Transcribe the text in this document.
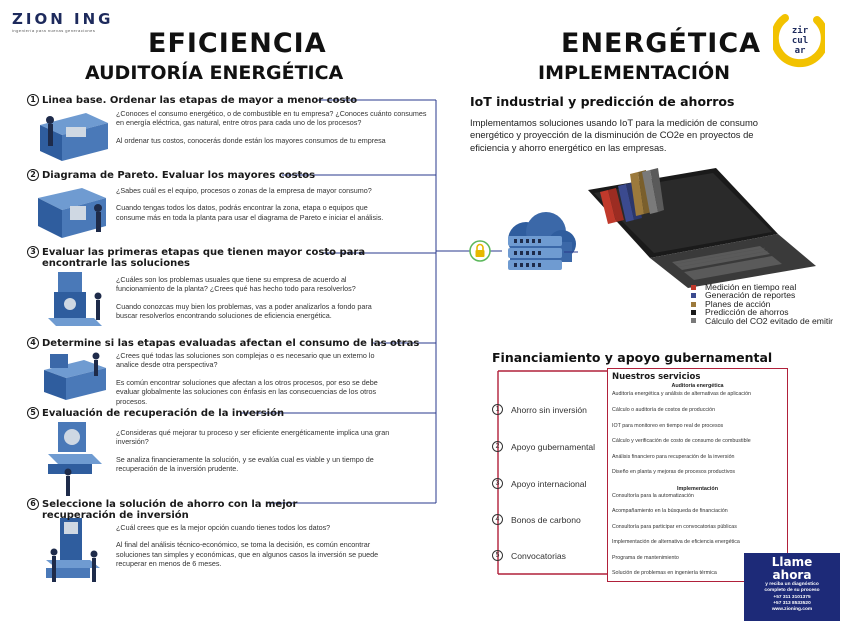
ZION ING
ingeniería para nuevas generaciones	EFICIENCIA
AUDITORÍA ENERGÉTICA
ENERGÉTICA
IMPLEMENTACIÓN
zir
cul
ar
1 Linea base. Ordenar las etapas de mayor a menor costo

¿Conoces el consumo energético, o de combustible en tu empresa? ¿Conoces cuánto consumes en energía eléctrica, gas natural, entre otros para cada uno de los procesos?

Al ordenar tus costos, conocerás donde están los mayores consumos de tu empresa

2 Diagrama de Pareto. Evaluar los mayores costos

¿Sabes cuál es el equipo, procesos o zonas de la empresa de mayor consumo?

Cuando tengas todos los datos, podrás encontrar la zona, etapa o equipos que consume más en toda la planta para usar el diagrama de Pareto e iniciar el análisis.

3 Evaluar las primeras etapas que tienen mayor costo para
encontrarle las soluciones

¿Cuáles son los problemas usuales que tiene su empresa de acuerdo al funcionamiento de la planta? ¿Crees qué has hecho todo para resolverlos?

Cuando conozcas muy bien los problemas, vas a poder analizarlos a fondo para buscar resolverlos encontrando soluciones de eficiencia energética.

4 Determine si las etapas evaluadas afectan el consumo de las otras

¿Crees qué todas las soluciones son complejas o es necesario que un externo lo analice desde otra perspectiva?

Es común encontrar soluciones que afectan a los otros procesos, por eso se debe evaluar globalmente las soluciones con énfasis en las consecuencias de los otros procesos.

5 Evaluación de recuperación de la inversión

¿Consideras qué mejorar tu proceso y ser eficiente energéticamente implica una gran inversión?

Se analiza financieramente la solución, y se evalúa cual es viable y un tiempo de recuperación de la inversión prudente.

6 Seleccione la solución de ahorro con la mejor
recuperación de inversión

¿Cuál crees que es la mejor opción cuando tienes todos los datos?

Al final del análisis técnico-económico, se toma la decisión, es común encontrar soluciones tan simples y económicas, que en algunos casos la inversión se puede recuperar en menos de 6 meses.

IoT industrial y predicción de ahorros
Implementamos soluciones usando IoT para la medición de consumo energético y proyección de la disminución de CO2e en proyectos de eficiencia y ahorro energético en las empresas.
Medición en tiempo real
Generación de reportes
Planes de acción
Predicción de ahorros
Cálculo del CO2 evitado de emitir
Financiamiento y apoyo gubernamental
1	Ahorro sin inversión
2	Apoyo gubernamental
3	Apoyo internacional
4	Bonos de carbono
5	Convocatorias
Nuestros servicios
Auditoría energética
Auditoría energética y análisis de alternativas de aplicación
Cálculo o auditoría de costos de producción
IOT para monitoreo en tiempo real de procesos
Cálculo y verificación de costo de consumo de combustible
Análisis financiero para recuperación de la inversión
Diseño en planta y mejoras de procesos productivos
Implementación
Consultoría para la automatización
Acompañamiento en la búsqueda de financiación
Consultoría para participar en convocatorias públicas
Implementación de alternativa de eficiencia energética
Programa de mantenimiento
Solución de problemas en ingeniería térmica
Llame
ahora
y reciba un diagnóstico
completo de su proceso
+57 311 3101375
+57 313 8533520
www.zioning.com
